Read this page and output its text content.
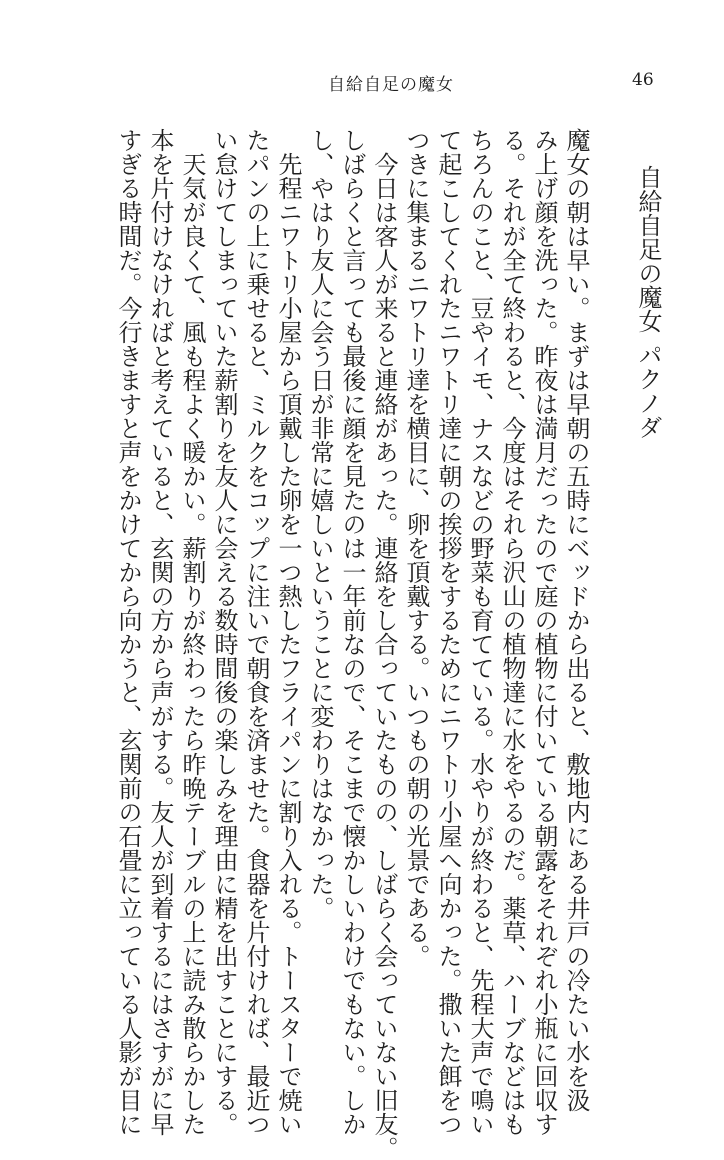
自給自足の魔女	46
自給自足の魔女
パクノダ
魔女の朝は早い。まずは早朝の五時にベッドから出ると、敷地内にある井戸の冷たい水を汲
み上げ顔を洗った。昨夜は満月だったので庭の植物に付いている朝露をそれぞれ小瓶に回収す
る。それが全て終わると、今度はそれら沢山の植物達に水をやるのだ。薬草、ハーブなどはも
ちろんのこと、豆やイモ、ナスなどの野菜も育てている。水やりが終わると、先程大声で鳴い
て起こしてくれたニワトリ達に朝の挨拶をするためにニワトリ小屋へ向かった。撒いた餌をつ
つきに集まるニワトリ達を横目に、卵を頂戴する。いつもの朝の光景である。
　今日は客人が来ると連絡があった。連絡をし合っていたものの、しばらく会っていない旧友。
しばらくと言っても最後に顔を見たのは一年前なので、そこまで懐かしいわけでもない。しか
し、やはり友人に会う日が非常に嬉しいということに変わりはなかった。
　先程ニワトリ小屋から頂戴した卵を一つ熱したフライパンに割り入れる。トースターで焼い
たパンの上に乗せると、ミルクをコップに注いで朝食を済ませた。食器を片付ければ、最近つ
い怠けてしまっていた薪割りを友人に会える数時間後の楽しみを理由に精を出すことにする。
　天気が良くて、風も程よく暖かい。薪割りが終わったら昨晩テーブルの上に読み散らかした
本を片付けなければと考えていると、玄関の方から声がする。友人が到着するにはさすがに早
すぎる時間だ。今行きますと声をかけてから向かうと、玄関前の石畳に立っている人影が目に
